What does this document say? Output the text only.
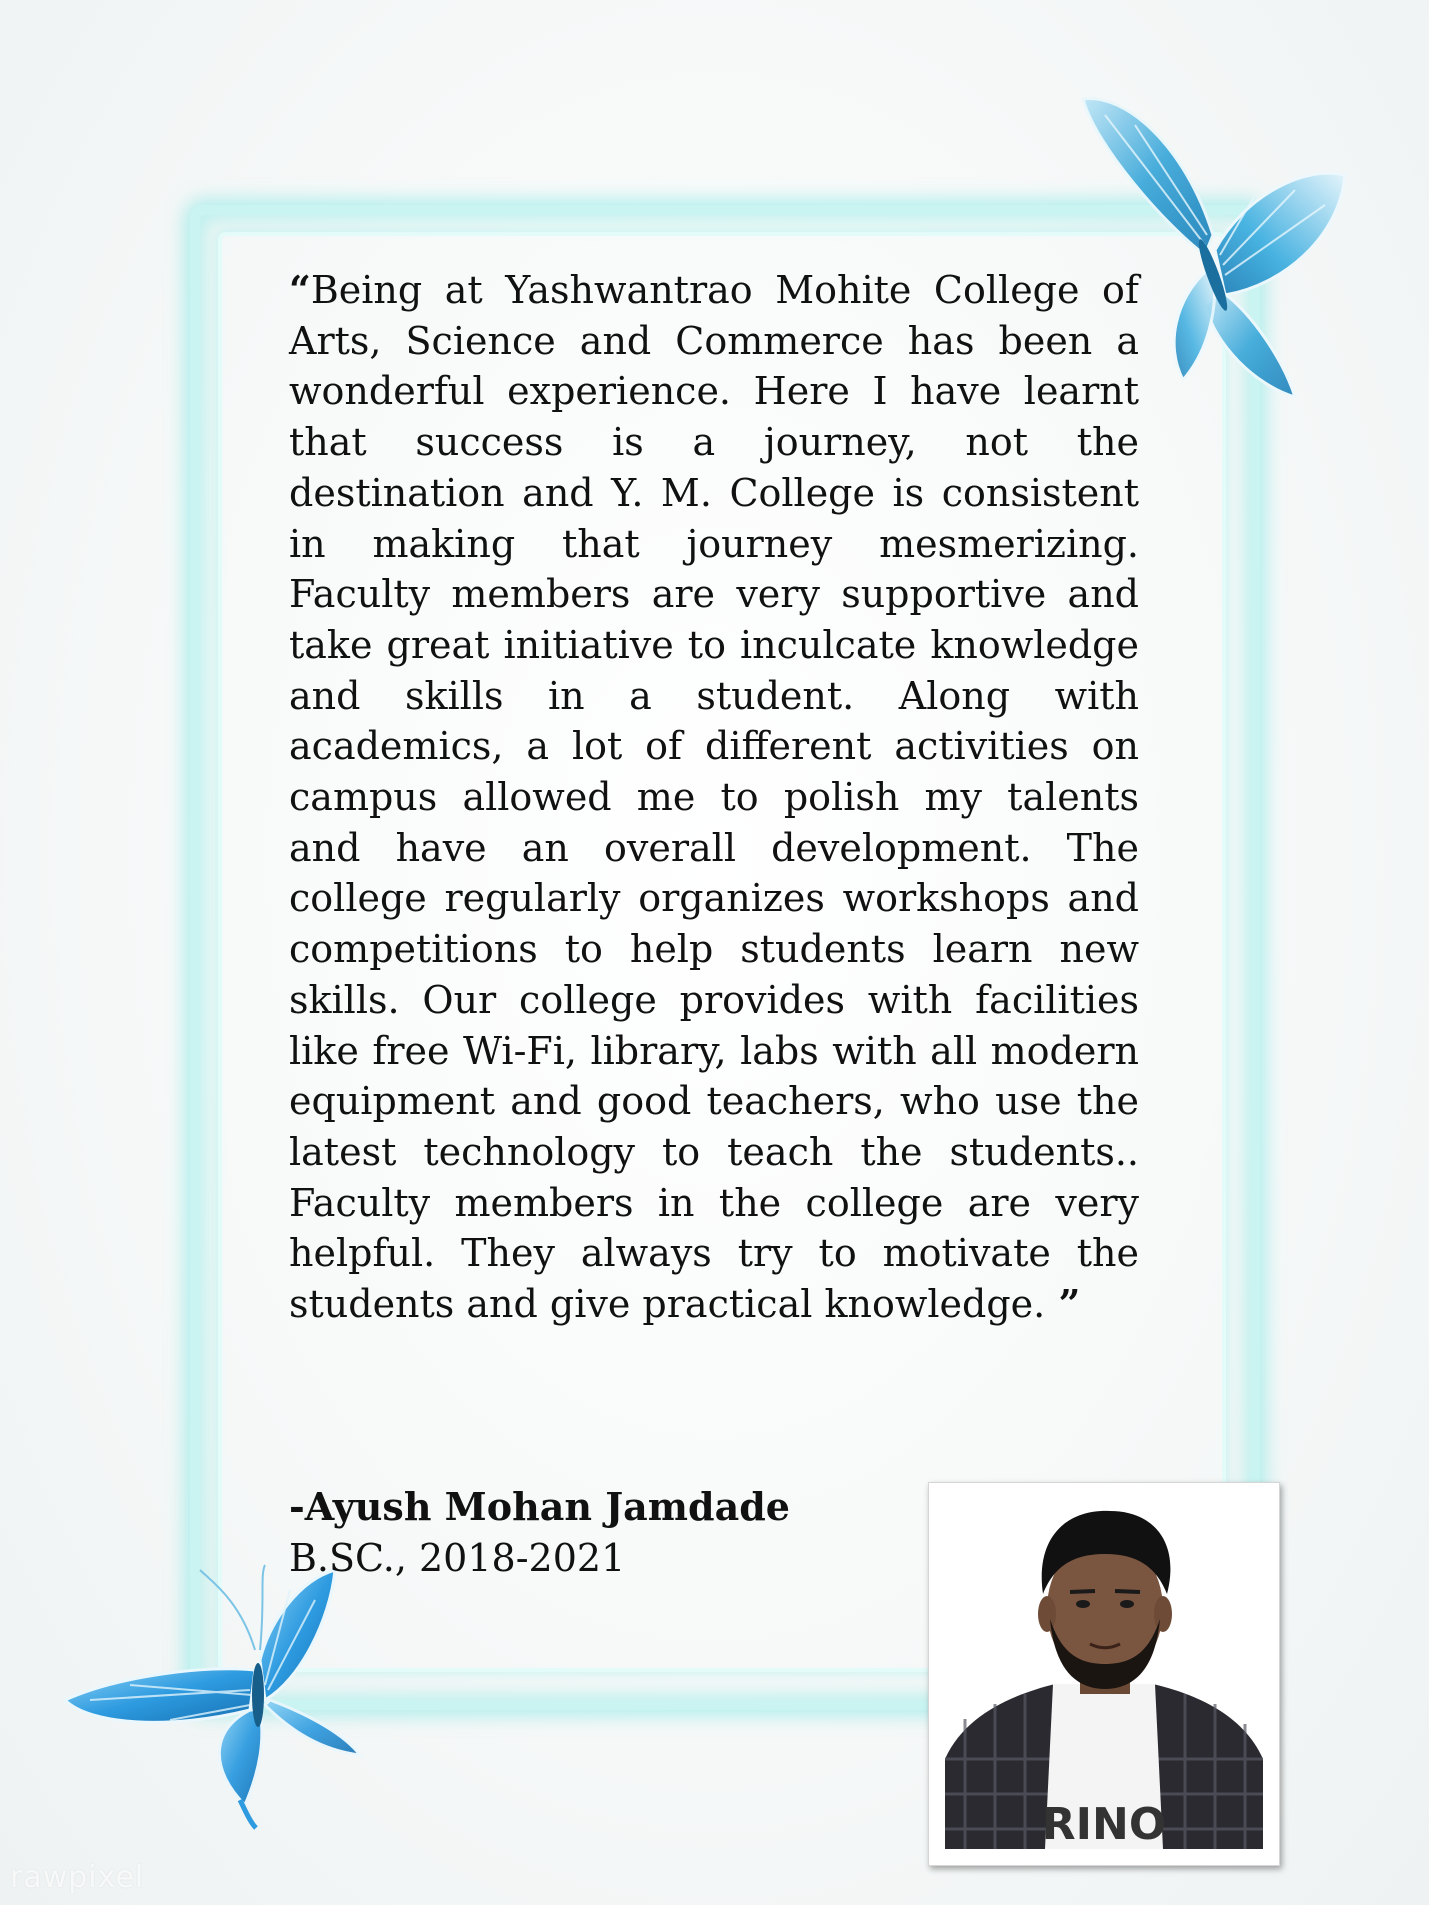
“Being at Yashwantrao Mohite College of Arts, Science and Commerce has been a wonderful experience. Here I have learnt that success is a journey, not the destination and Y. M. College is consistent in making that journey mesmerizing. Faculty members are very supportive and take great initiative to inculcate knowledge and skills in a student. Along with academics, a lot of different activities on campus allowed me to polish my talents and have an overall development. The college regularly organizes workshops and competitions to help students learn new skills. Our college provides with facilities like free Wi-Fi, library, labs with all modern equipment and good teachers, who use the latest technology to teach the students.. Faculty members in the college are very helpful. They always try to motivate the students and give practical knowledge. ”

-Ayush Mohan Jamdade
B.SC., 2018-2021
RINO
rawpixel
